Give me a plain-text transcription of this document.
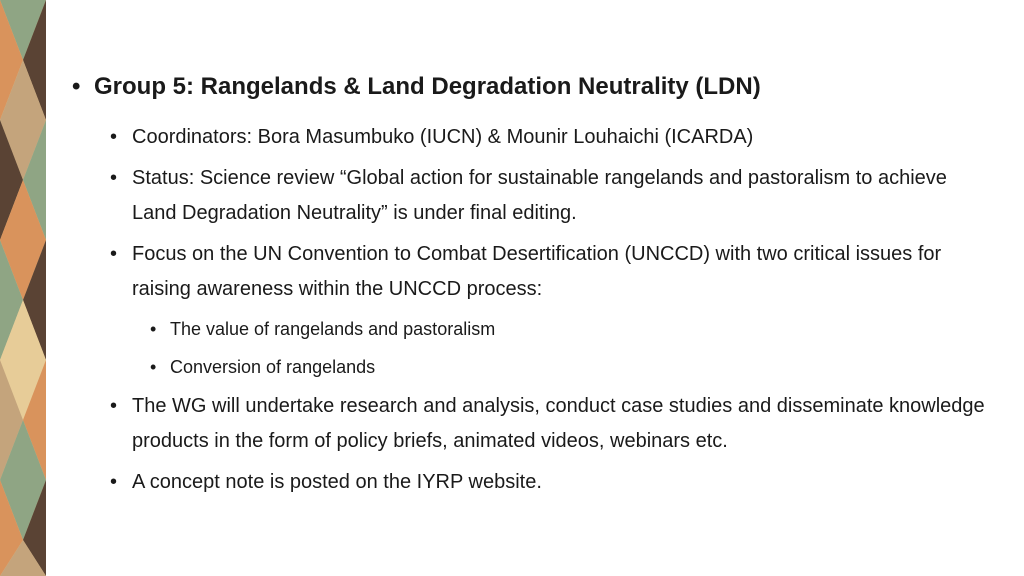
• Group 5: Rangelands & Land Degradation Neutrality (LDN)
• Coordinators: Bora Masumbuko (IUCN) & Mounir Louhaichi (ICARDA)
• Status: Science review “Global action for sustainable rangelands and pastoralism to achieve Land Degradation Neutrality” is under final editing.
• Focus on the UN Convention to Combat Desertification (UNCCD) with two critical issues for raising awareness within the UNCCD process:
• The value of rangelands and pastoralism
• Conversion of rangelands
• The WG will undertake research and analysis, conduct case studies and disseminate knowledge products in the form of policy briefs, animated videos, webinars etc.
• A concept note is posted on the IYRP website.
